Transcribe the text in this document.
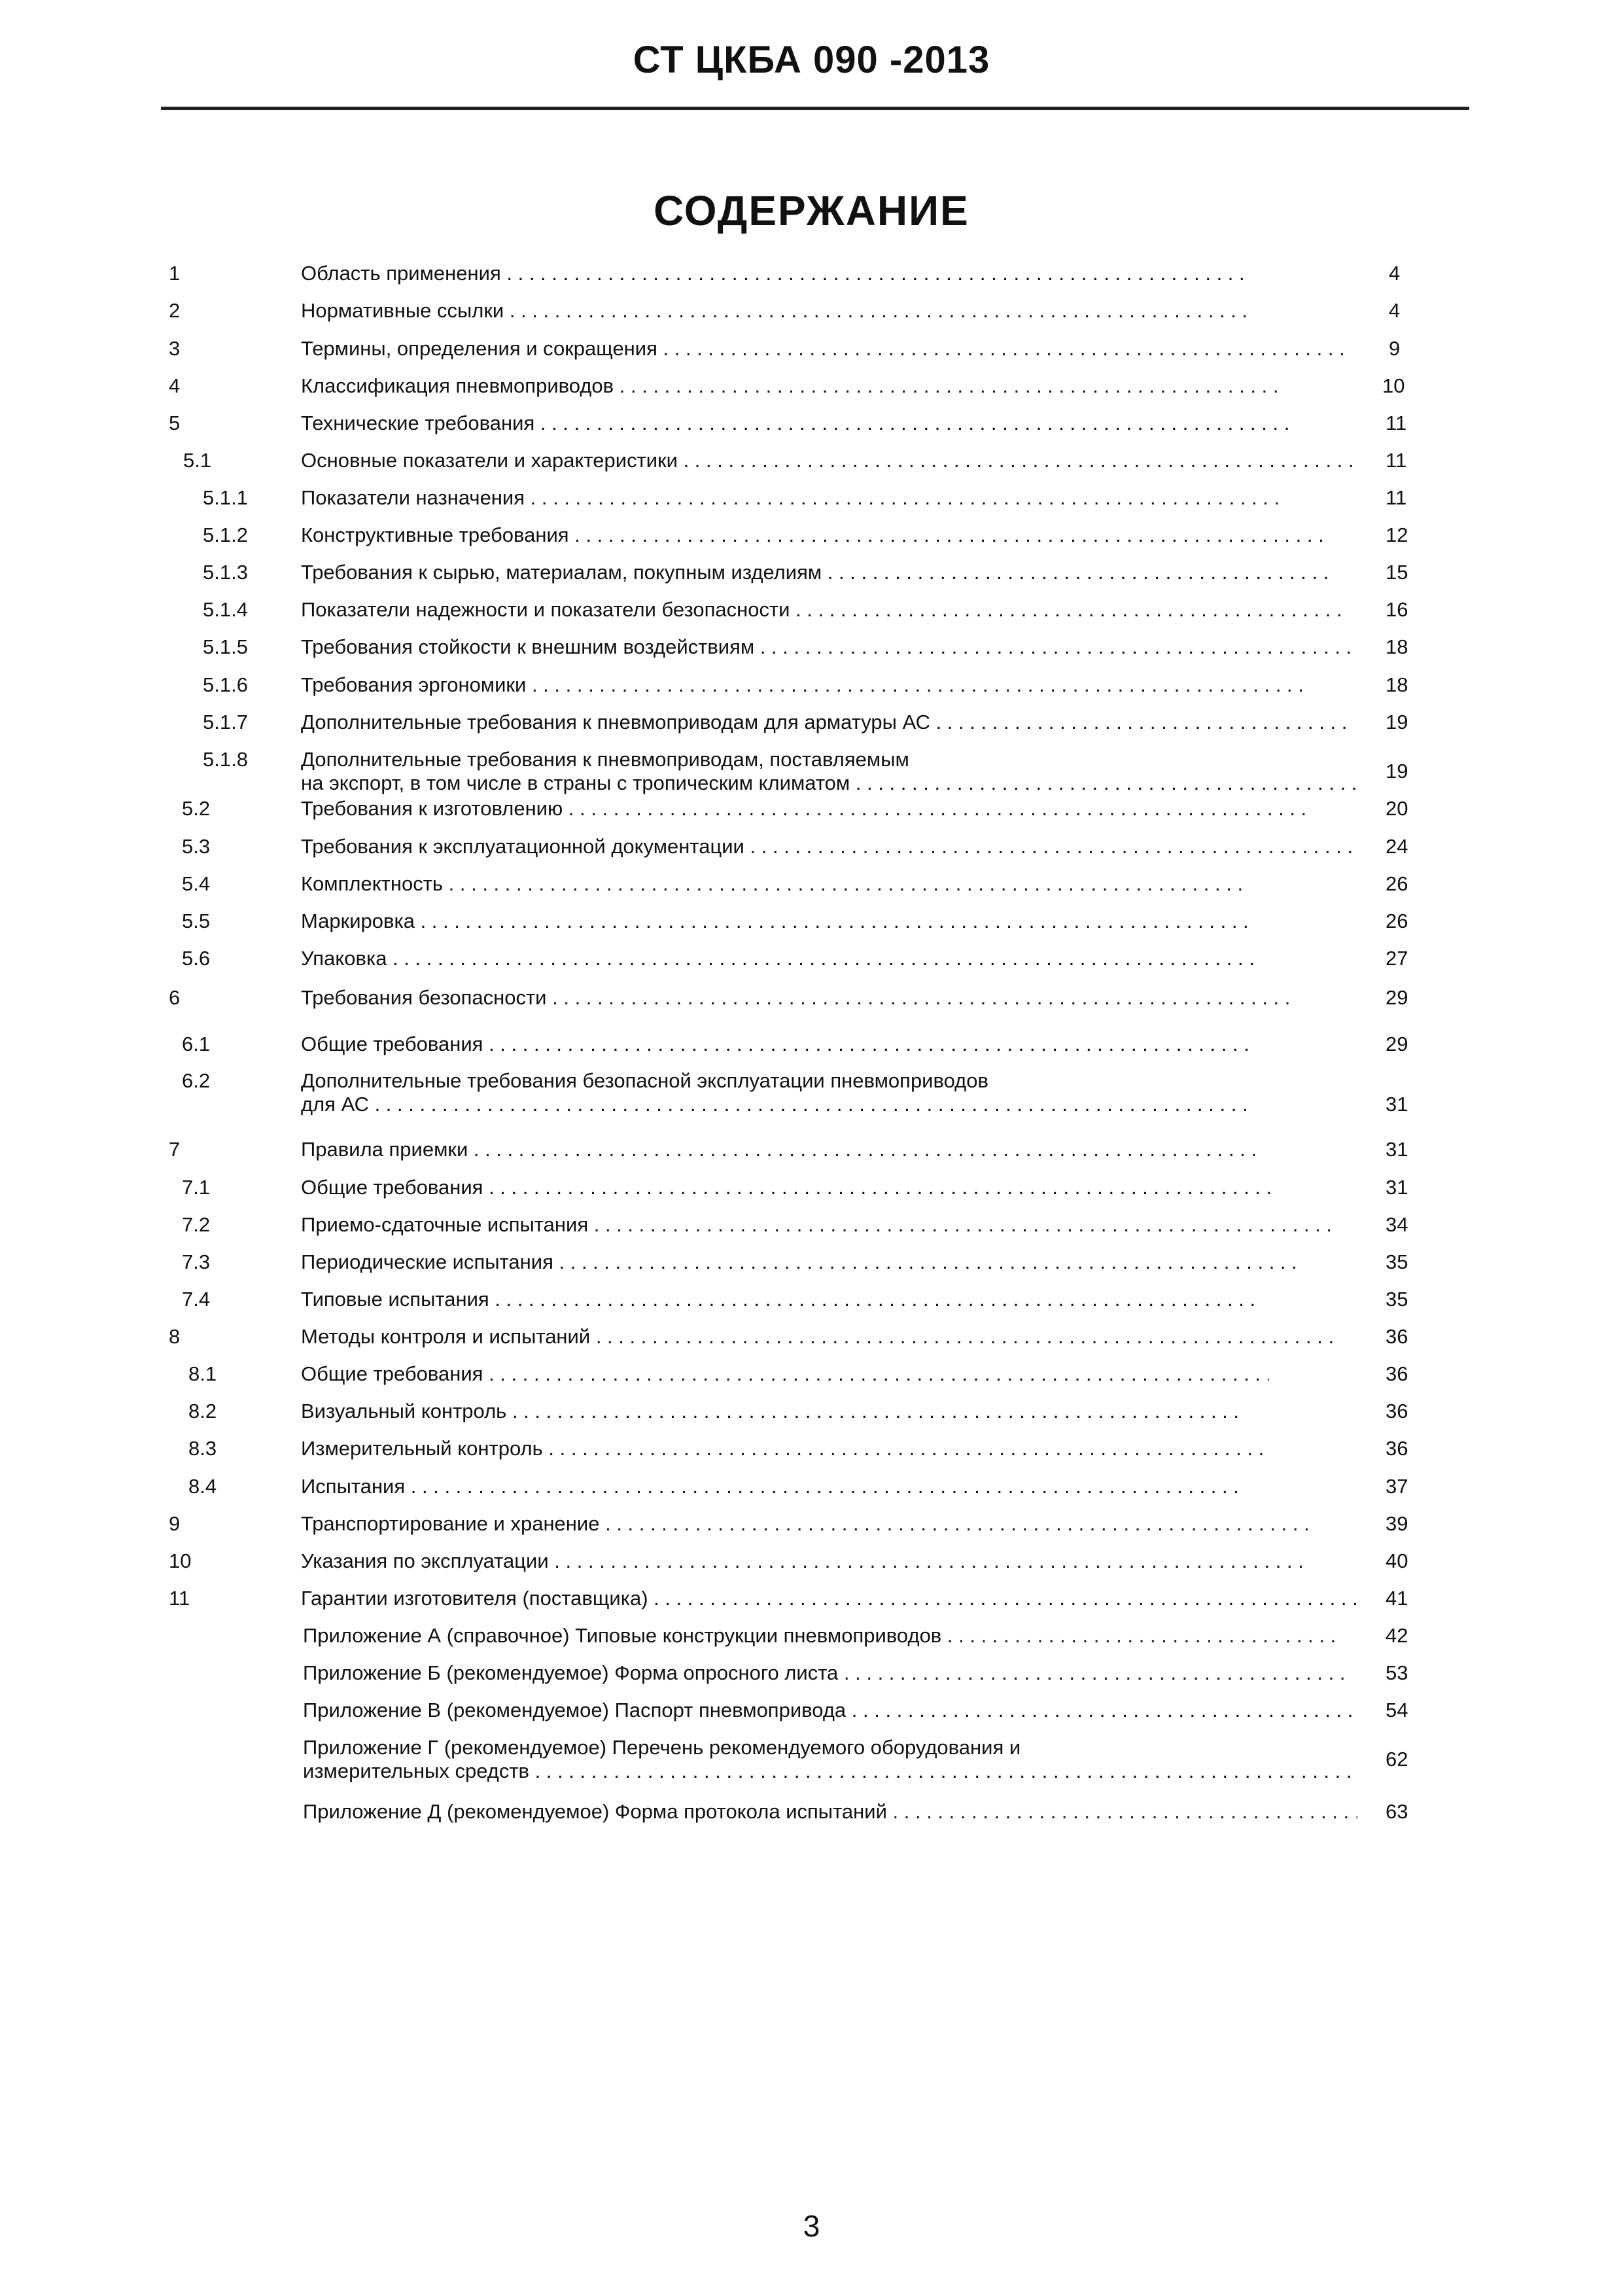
СТ ЦКБА 090 -2013
СОДЕРЖАНИЕ
1	Область применения . . .	4
2	Нормативные ссылки . . .	4
3	Термины, определения и сокращения . . .	9
4	Классификация пневмоприводов . . .	10
5	Технические требования . . .	11
5.1	Основные показатели и характеристики . . .	11
5.1.1	Показатели назначения . . .	11
5.1.2	Конструктивные требования . . .	12
5.1.3	Требования к сырью, материалам, покупным изделиям . . .	15
5.1.4	Показатели надежности и показатели безопасности . . .	16
5.1.5	Требования стойкости к внешним воздействиям . . .	18
5.1.6	Требования эргономики . . .	18
5.1.7	Дополнительные требования к пневмоприводам для арматуры АС . . .	19
5.1.8	Дополнительные требования к пневмоприводам, поставляемым
на экспорт, в том числе в страны с тропическим климатом . . .
19
5.2	Требования к изготовлению . . .	20
5.3	Требования к эксплуатационной документации . . .	24
5.4	Комплектность . . .	26
5.5	Маркировка . . .	26
5.6	Упаковка . . .	27
6	Требования безопасности . . .	29
6.1	Общие требования . . .	29
6.2	Дополнительные требования безопасной эксплуатации пневмоприводов
для АС . . .	31
7	Правила приемки . . .	31
7.1	Общие требования . . .	31
7.2	Приемо-сдаточные испытания . . .	34
7.3	Периодические испытания . . .	35
7.4	Типовые испытания . . .	35
8	Методы контроля и испытаний . . .	36
8.1	Общие требования . . .	36
8.2	Визуальный контроль . . .	36
8.3	Измерительный контроль . . .	36
8.4	Испытания . . .	37
9	Транспортирование и хранение . . .	39
10	Указания по эксплуатации . . .	40
11	Гарантии изготовителя (поставщика) . . .	41
Приложение А (справочное) Типовые конструкции пневмоприводов . . .	42
Приложение Б (рекомендуемое) Форма опросного листа . . .	53
Приложение В (рекомендуемое) Паспорт пневмопривода . . .	54
Приложение Г (рекомендуемое) Перечень рекомендуемого оборудования и
измерительных средств . . .
62
Приложение Д (рекомендуемое) Форма протокола испытаний . . .	63
3
